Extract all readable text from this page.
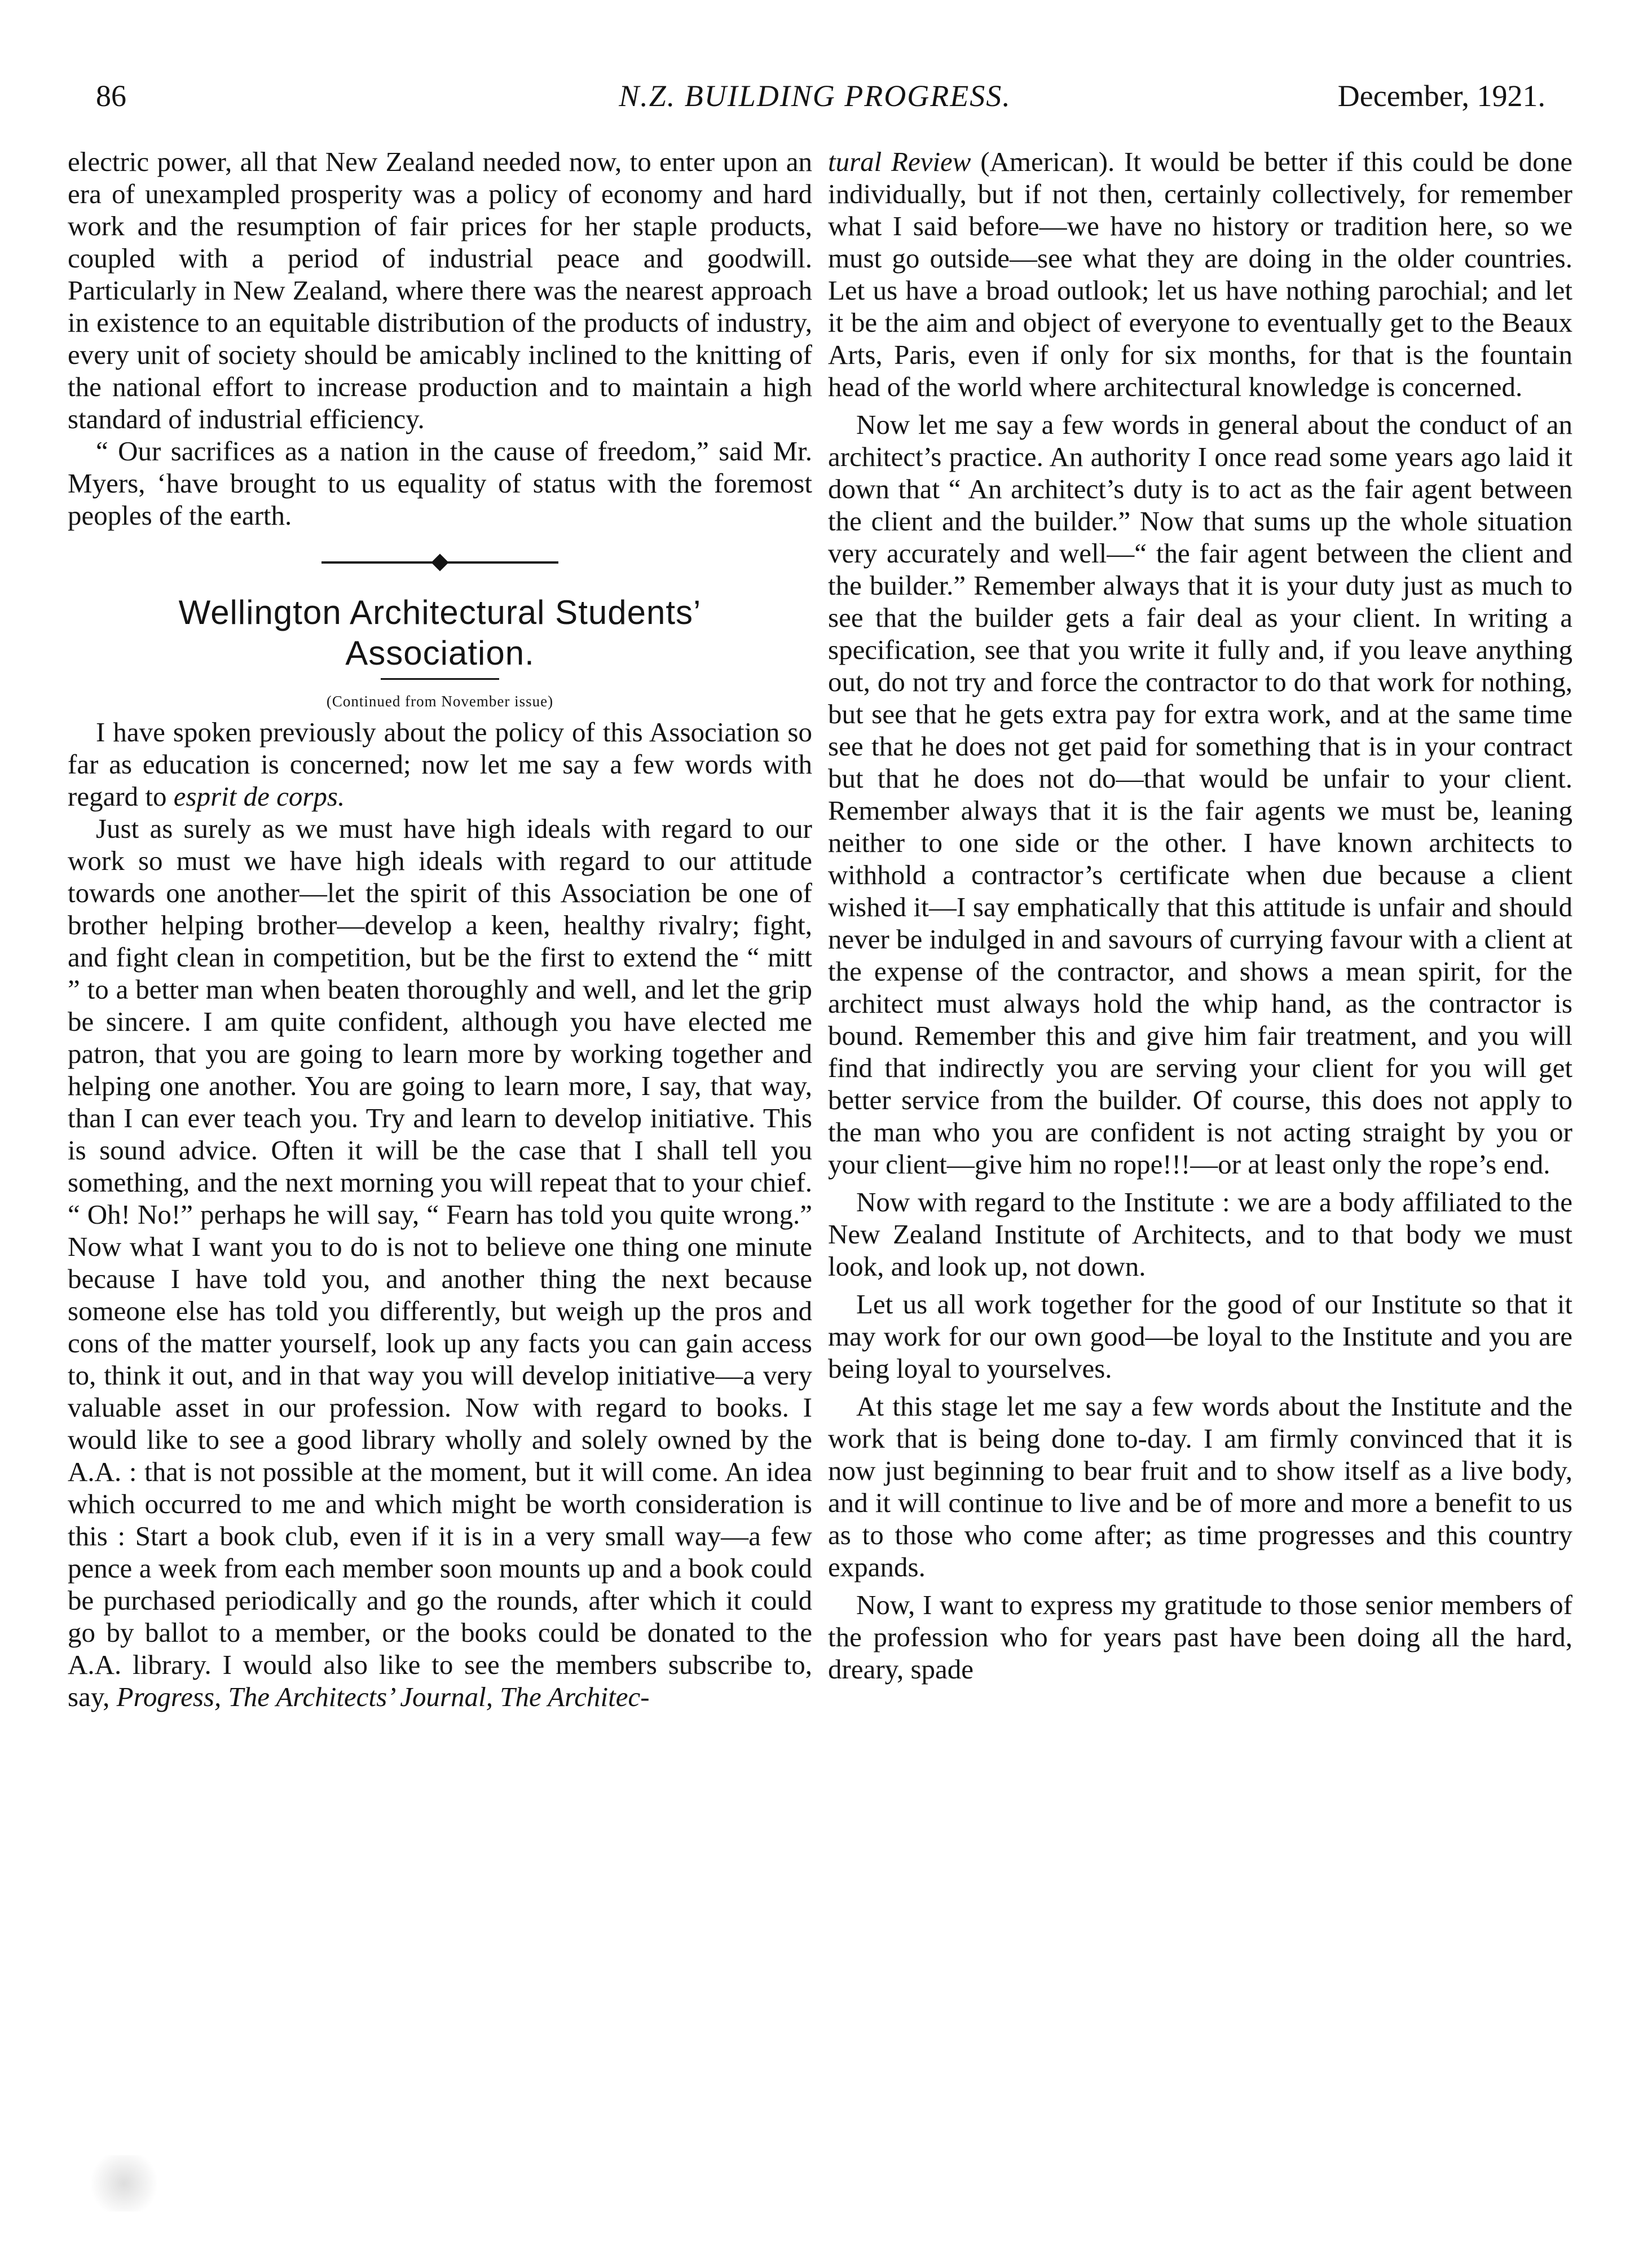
86	N.Z. BUILDING PROGRESS.	December, 1921.

electric power, all that New Zealand needed now, to enter upon an era of unexampled prosperity was a policy of economy and hard work and the resumption of fair prices for her staple products, coupled with a period of industrial peace and goodwill. Particularly in New Zealand, where there was the nearest approach in existence to an equitable distribution of the products of industry, every unit of society should be amicably inclined to the knitting of the national effort to increase production and to maintain a high standard of industrial efficiency.

“ Our sacrifices as a nation in the cause of freedom,” said Mr. Myers, ‘have brought to us equality of status with the foremost peoples of the earth.

Wellington Architectural Students’
Association.
(Continued from November issue)

I have spoken previously about the policy of this Association so far as education is concerned; now let me say a few words with regard to esprit de corps.

Just as surely as we must have high ideals with regard to our work so must we have high ideals with regard to our attitude towards one another—let the spirit of this Association be one of brother helping brother—develop a keen, healthy rivalry; fight, and fight clean in competition, but be the first to extend the “ mitt ” to a better man when beaten thoroughly and well, and let the grip be sincere. I am quite confident, although you have elected me patron, that you are going to learn more by working together and helping one another. You are going to learn more, I say, that way, than I can ever teach you. Try and learn to develop initiative. This is sound advice. Often it will be the case that I shall tell you something, and the next morning you will repeat that to your chief. “ Oh! No!” perhaps he will say, “ Fearn has told you quite wrong.” Now what I want you to do is not to believe one thing one minute because I have told you, and another thing the next because someone else has told you differently, but weigh up the pros and cons of the matter yourself, look up any facts you can gain access to, think it out, and in that way you will develop initiative—a very valuable asset in our profession. Now with regard to books. I would like to see a good library wholly and solely owned by the A.A. : that is not possible at the moment, but it will come. An idea which occurred to me and which might be worth consideration is this : Start a book club, even if it is in a very small way—a few pence a week from each member soon mounts up and a book could be purchased periodically and go the rounds, after which it could go by ballot to a member, or the books could be donated to the A.A. library. I would also like to see the members subscribe to, say, Progress, The Architects’ Journal, The Architec-

tural Review (American). It would be better if this could be done individually, but if not then, certainly collectively, for remember what I said before—we have no history or tradition here, so we must go outside—see what they are doing in the older countries. Let us have a broad outlook; let us have nothing parochial; and let it be the aim and object of everyone to eventually get to the Beaux Arts, Paris, even if only for six months, for that is the fountain head of the world where architectural knowledge is concerned.

Now let me say a few words in general about the conduct of an architect’s practice. An authority I once read some years ago laid it down that “ An architect’s duty is to act as the fair agent between the client and the builder.” Now that sums up the whole situation very accurately and well—“ the fair agent between the client and the builder.” Remember always that it is your duty just as much to see that the builder gets a fair deal as your client. In writing a specification, see that you write it fully and, if you leave anything out, do not try and force the contractor to do that work for nothing, but see that he gets extra pay for extra work, and at the same time see that he does not get paid for something that is in your contract but that he does not do—that would be unfair to your client. Remember always that it is the fair agents we must be, leaning neither to one side or the other. I have known architects to withhold a contractor’s certificate when due because a client wished it—I say emphatically that this attitude is unfair and should never be indulged in and savours of currying favour with a client at the expense of the contractor, and shows a mean spirit, for the architect must always hold the whip hand, as the contractor is bound. Remember this and give him fair treatment, and you will find that indirectly you are serving your client for you will get better service from the builder. Of course, this does not apply to the man who you are confident is not acting straight by you or your client—give him no rope!!!—or at least only the rope’s end.

Now with regard to the Institute : we are a body affiliated to the New Zealand Institute of Architects, and to that body we must look, and look up, not down.

Let us all work together for the good of our Institute so that it may work for our own good—be loyal to the Institute and you are being loyal to yourselves.

At this stage let me say a few words about the Institute and the work that is being done to-day. I am firmly convinced that it is now just beginning to bear fruit and to show itself as a live body, and it will continue to live and be of more and more a benefit to us as to those who come after; as time progresses and this country expands.

Now, I want to express my gratitude to those senior members of the profession who for years past have been doing all the hard, dreary, spade
